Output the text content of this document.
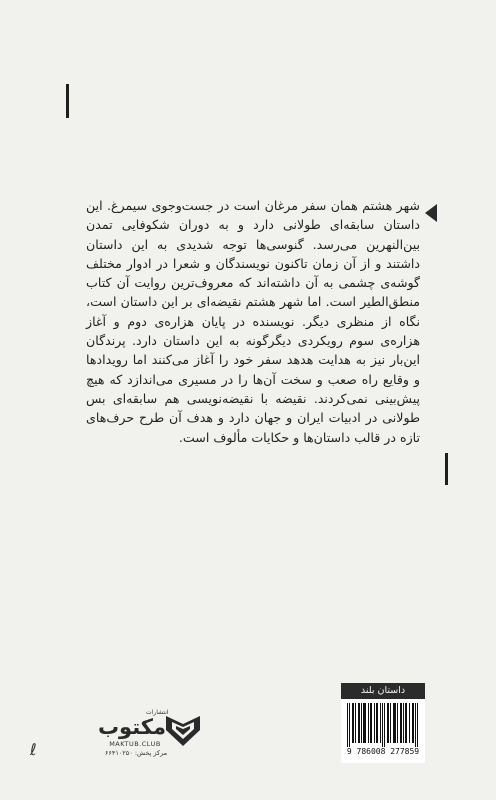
شهر هشتم همان سفر مرغان است در جست‌وجوی سیمرغ. این داستان سابقه‌ای طولانی دارد و به دوران شکوفایی تمدن بین‌النهرین می‌رسد. گنوسی‌ها توجه شدیدی به این داستان داشتند و از آن زمان تاکنون نویسندگان و شعرا در ادوار مختلف گوشه‌ی چشمی به آن داشته‌اند که معروف‌ترین روایت آن کتاب منطق‌الطیر است. اما شهر هشتم نقیضه‌ای بر این داستان است، نگاه از منظری دیگر. نویسنده در پایان هزاره‌ی دوم و آغاز هزاره‌ی سوم رویکردی دیگرگونه به این داستان دارد. پرندگان این‌بار نیز به هدایت هدهد سفر خود را آغاز می‌کنند اما رویدادها و وقایع راه صعب و سخت آن‌ها را در مسیری می‌اندازد که هیچ پیش‌بینی نمی‌کردند. نقیضه با نقیضه‌نویسی هم سابقه‌ای بس طولانی در ادبیات ایران و جهان دارد و هدف آن طرح حرف‌های تازه در قالب داستان‌ها و حکایات مألوف است.

داستان بلند
9 786008 277859
انتشارات
مکتوب
MAKTUB.CLUB
مرکز پخش: ۶۶۴۱۰۲۵۰
ℓ
